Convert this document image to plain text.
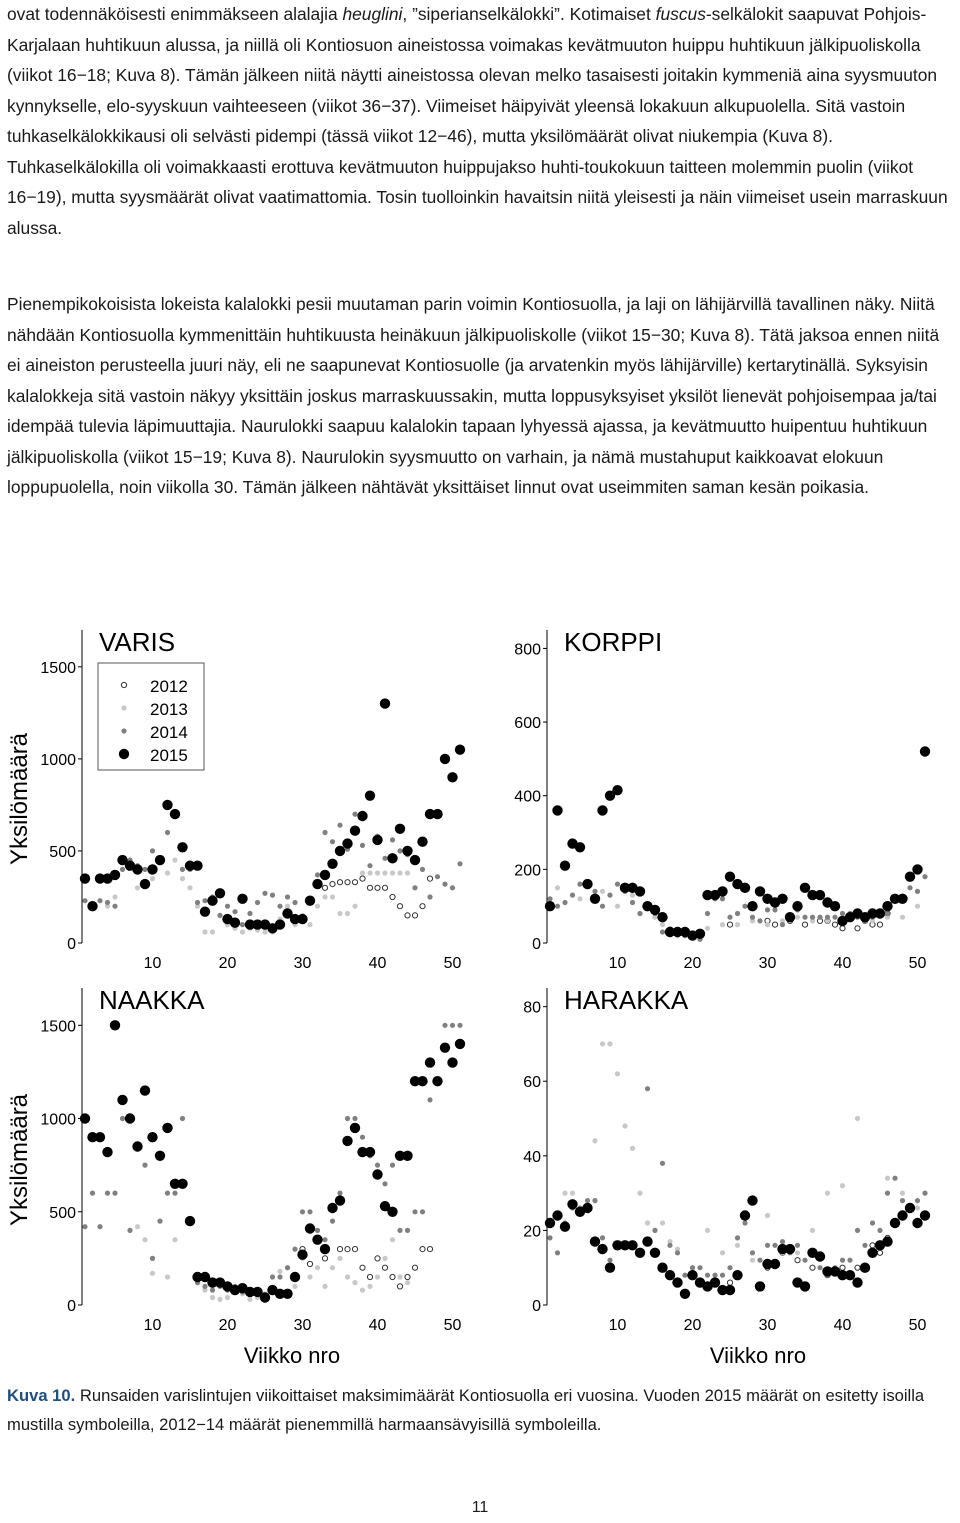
ovat todennäköisesti enimmäkseen alalajia heuglini, ”siperianselkälokki”. Kotimaiset fuscus-selkälokit saapuvat Pohjois-Karjalaan huhtikuun alussa, ja niillä oli Kontiosuon aineistossa voimakas kevätmuuton huippu huhtikuun jälkipuoliskolla (viikot 16−18; Kuva 8). Tämän jälkeen niitä näytti aineistossa olevan melko tasaisesti joitakin kymmeniä aina syysmuuton kynnykselle, elo-syyskuun vaihteeseen (viikot 36−37). Viimeiset häipyivät yleensä lokakuun alkupuolella. Sitä vastoin tuhkaselkälokkikausi oli selvästi pidempi (tässä viikot 12−46), mutta yksilömäärät olivat niukempia (Kuva 8). Tuhkaselkälokilla oli voimakkaasti erottuva kevätmuuton huippujakso huhti-toukokuun taitteen molemmin puolin (viikot 16−19), mutta syysmäärät olivat vaatimattomia. Tosin tuolloinkin havaitsin niitä yleisesti ja näin viimeiset usein marraskuun alussa.

Pienempikokoisista lokeista kalalokki pesii muutaman parin voimin Kontiosuolla, ja laji on lähijärvillä tavallinen näky. Niitä nähdään Kontiosuolla kymmenittäin huhtikuusta heinäkuun jälkipuoliskolle (viikot 15−30; Kuva 8). Tätä jaksoa ennen niitä ei aineiston perusteella juuri näy, eli ne saapunevat Kontiosuolle (ja arvatenkin myös lähijärville) kertarytinällä. Syksyisin kalalokkeja sitä vastoin näkyy yksittäin joskus marraskuussakin, mutta loppusyksyiset yksilöt lienevät pohjoisempaa ja/tai idempää tulevia läpimuuttajia. Naurulokki saapuu kalalokin tapaan lyhyessä ajassa, ja kevätmuutto huipentuu huhtikuun jälkipuoliskolla (viikot 15−19; Kuva 8). Naurulokin syysmuutto on varhain, ja nämä mustahuput kaikkoavat elokuun loppupuolella, noin viikolla 30. Tämän jälkeen nähtävät yksittäiset linnut ovat useimmiten saman kesän poikasia.

0
500
1000
1500
10	20	30	40	50
VARIS
0
200
400
600
800
10	20	30	40	50
KORPPI
0
500
1000
1500
10	20	30	40	50
NAAKKA
0
20
40
60
80
10	20	30	40	50
HARAKKA
2012
2013
2014
2015
Yksilömäärä
Yksilömäärä
Viikko nro	Viikko nro

Kuva 10. Runsaiden varislintujen viikoittaiset maksimimäärät Kontiosuolla eri vuosina. Vuoden 2015 määrät on esitetty isoilla mustilla symboleilla, 2012−14 määrät pienemmillä harmaansävyisillä symboleilla.

11
